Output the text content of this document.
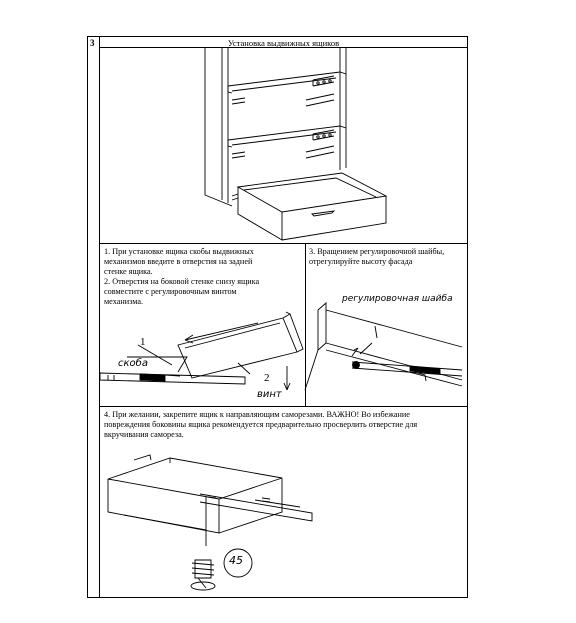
3	Установка выдвижных ящиков
1. При установке ящика скобы выдвижных
механизмов введите в отверстия на задней
стенке ящика.
2. Отверстия на боковой стенке снизу ящика
совместите с регулировочным винтом
механизма.
3. Вращением регулировочной шайбы,
отрегулируйте высоту фасада
4. При желании, закрепите ящик к направляющим саморезами. ВАЖНО! Во избежание
повреждения боковины ящика рекомендуется предварительно просверлить отверстие для
вкручивания самореза.
1
скоба
2
винт
регулировочная шайба
45
